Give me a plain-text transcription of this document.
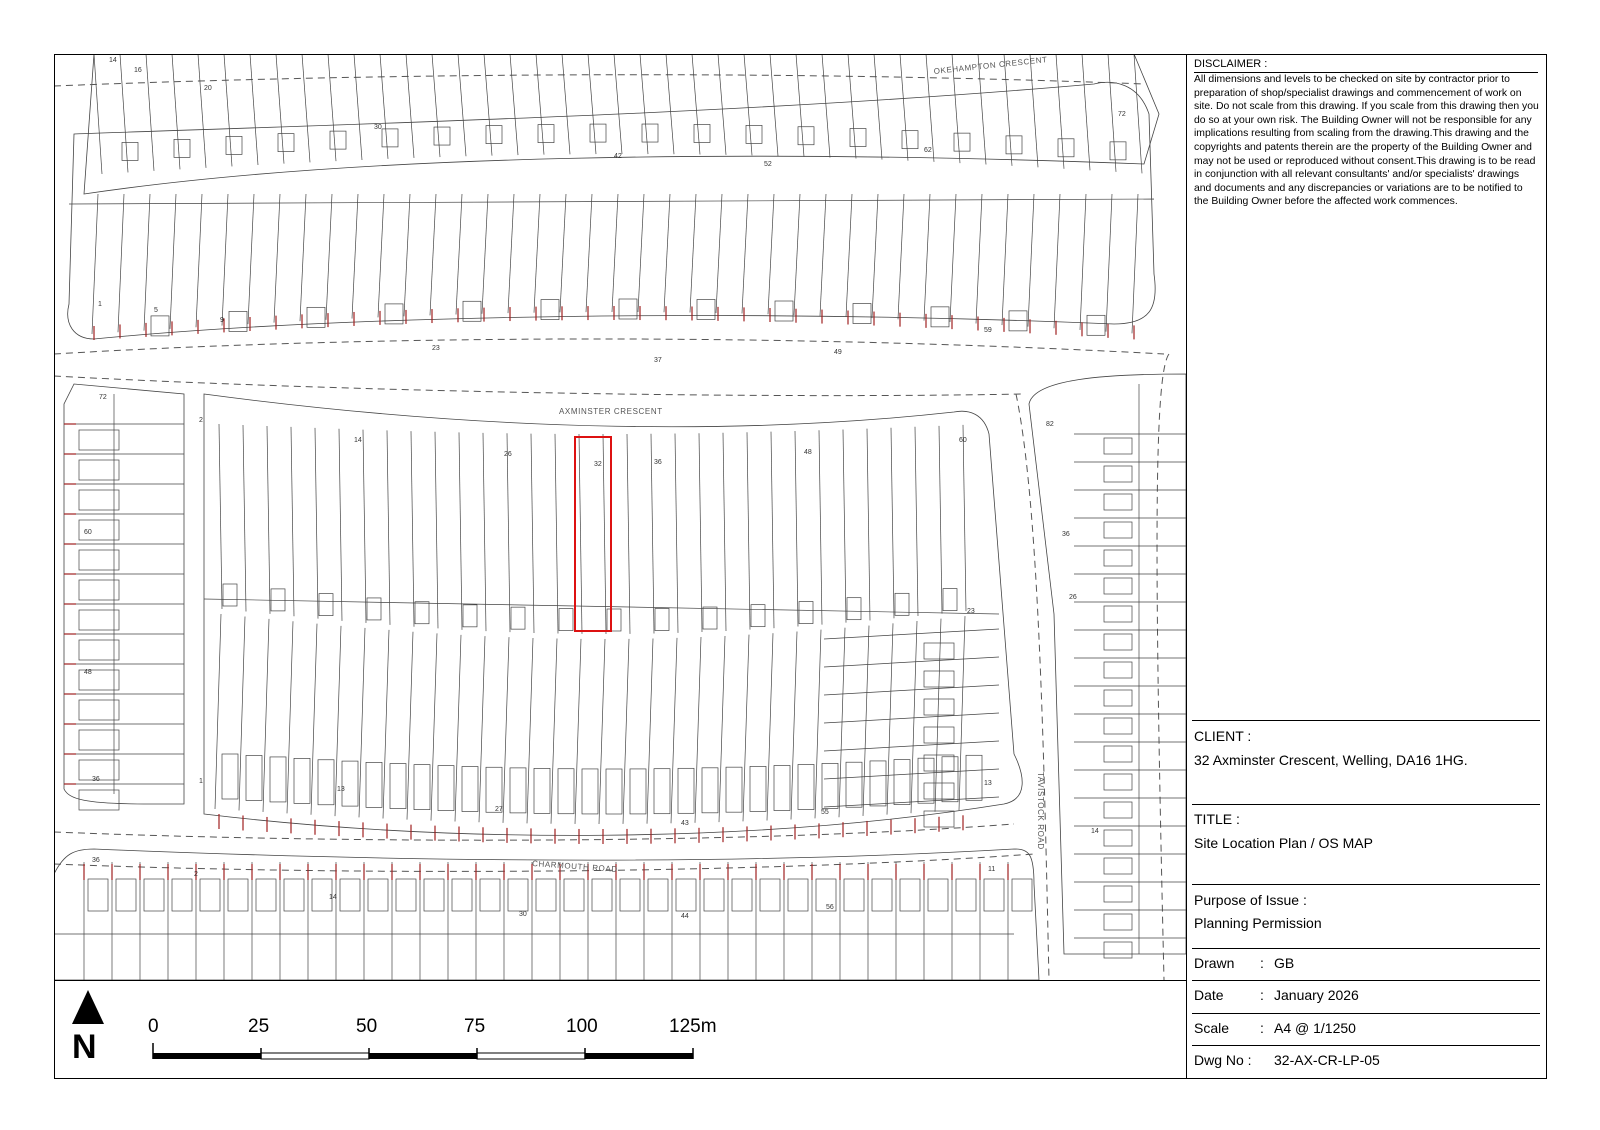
OKEHAMPTON CRESCENT
AXMINSTER CRESCENT
CHARMOUTH ROAD
TAVISTOCK ROAD
14
16
20
30
42
52
62
72
1
5
9
23
37
49
59
2
14
26
32	36
48
60
1
13
27
43
55
72
60
48
36
23
13
82
36
26
14
36
2
14
30	44
56
11
DISCLAIMER :
All dimensions and levels to be checked on site by contractor prior to preparation of shop/specialist drawings and commencement of work on site. Do not scale from this drawing. If you scale from this drawing then you do so at your own risk. The Building Owner will not be responsible for any implications resulting from scaling from the drawing.This drawing and the copyrights and patents therein are the property of the Building Owner and may not be used or reproduced without consent.This drawing is to be read in conjunction with all relevant consultants' and/or specialists' drawings and documents and any discrepancies or variations are to be notified to the Building Owner before the affected work commences.
CLIENT :
32 Axminster Crescent, Welling, DA16 1HG.
TITLE :
Site Location Plan / OS MAP
Purpose of Issue :
Planning Permission
Drawn : GB
Date	: January 2026
Scale : A4 @ 1/1250
Dwg No : 32-AX-CR-LP-05
N
0	25	50	75	100	125m
